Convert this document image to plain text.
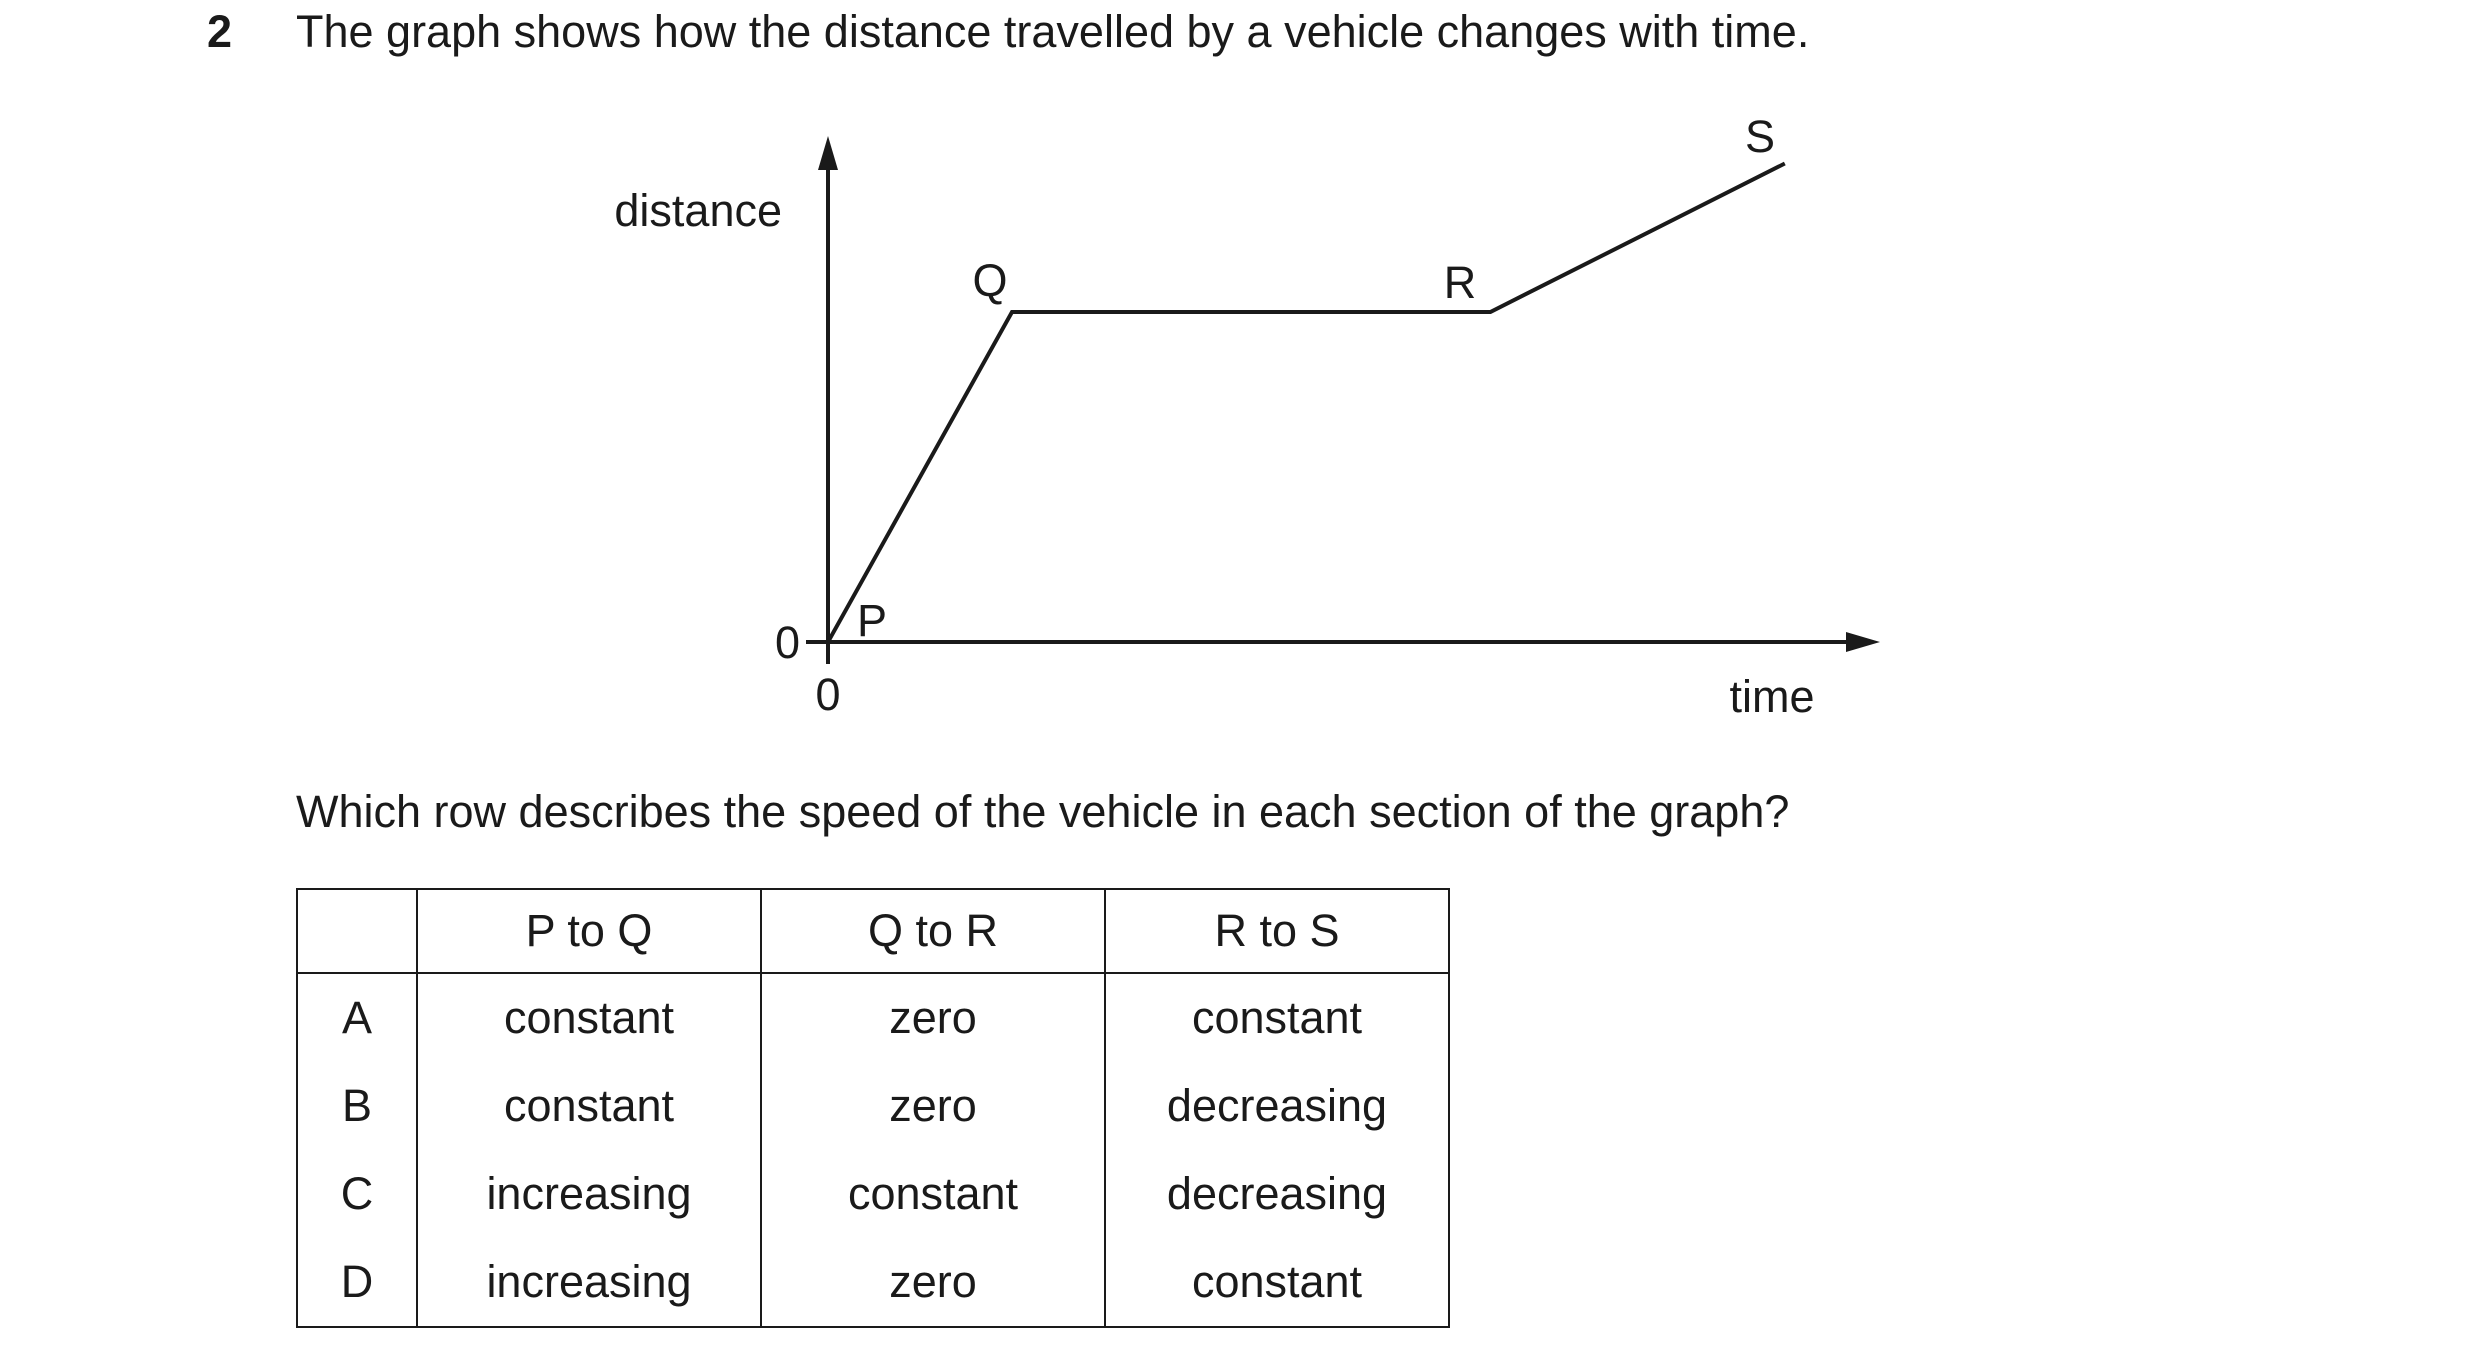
2 The graph shows how the distance travelled by a vehicle changes with time.
distance
time
0
0
P
Q	R
S
Which row describes the speed of the vehicle in each section of the graph?
	P to Q	Q to R	R to S
A	constant	zero	constant
B	constant	zero	decreasing
C	increasing	constant	decreasing
D	increasing	zero	constant
